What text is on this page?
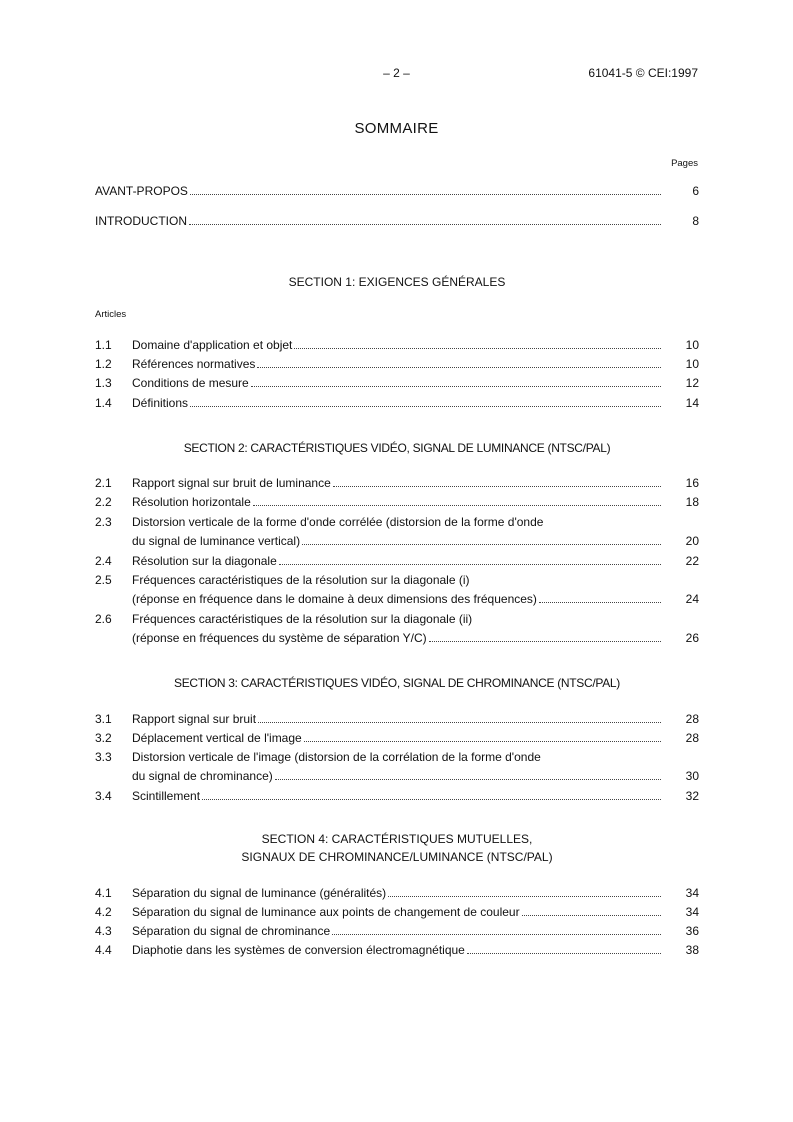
– 2 –	61041-5 © CEI:1997
SOMMAIRE
Pages
AVANT-PROPOS	6
INTRODUCTION	8
SECTION 1: EXIGENCES GÉNÉRALES
Articles
1.1	Domaine d'application et objet	10
1.2	Références normatives	10
1.3	Conditions de mesure	12
1.4	Définitions	14
SECTION 2: CARACTÉRISTIQUES VIDÉO, SIGNAL DE LUMINANCE (NTSC/PAL)
2.1	Rapport signal sur bruit de luminance	16
2.2	Résolution horizontale	18
2.3	Distorsion verticale de la forme d'onde corrélée (distorsion de la forme d'onde
du signal de luminance vertical)	20
2.4	Résolution sur la diagonale	22
2.5	Fréquences caractéristiques de la résolution sur la diagonale (i)
(réponse en fréquence dans le domaine à deux dimensions des fréquences)	24
2.6	Fréquences caractéristiques de la résolution sur la diagonale (ii)
(réponse en fréquences du système de séparation Y/C)	26
SECTION 3: CARACTÉRISTIQUES VIDÉO, SIGNAL DE CHROMINANCE (NTSC/PAL)
3.1	Rapport signal sur bruit	28
3.2	Déplacement vertical de l'image	28
3.3	Distorsion verticale de l'image (distorsion de la corrélation de la forme d'onde
du signal de chrominance)	30
3.4	Scintillement	32
SECTION 4: CARACTÉRISTIQUES MUTUELLES,
SIGNAUX DE CHROMINANCE/LUMINANCE (NTSC/PAL)
4.1	Séparation du signal de luminance (généralités)	34
4.2	Séparation du signal de luminance aux points de changement de couleur	34
4.3	Séparation du signal de chrominance	36
4.4	Diaphotie dans les systèmes de conversion électromagnétique	38
